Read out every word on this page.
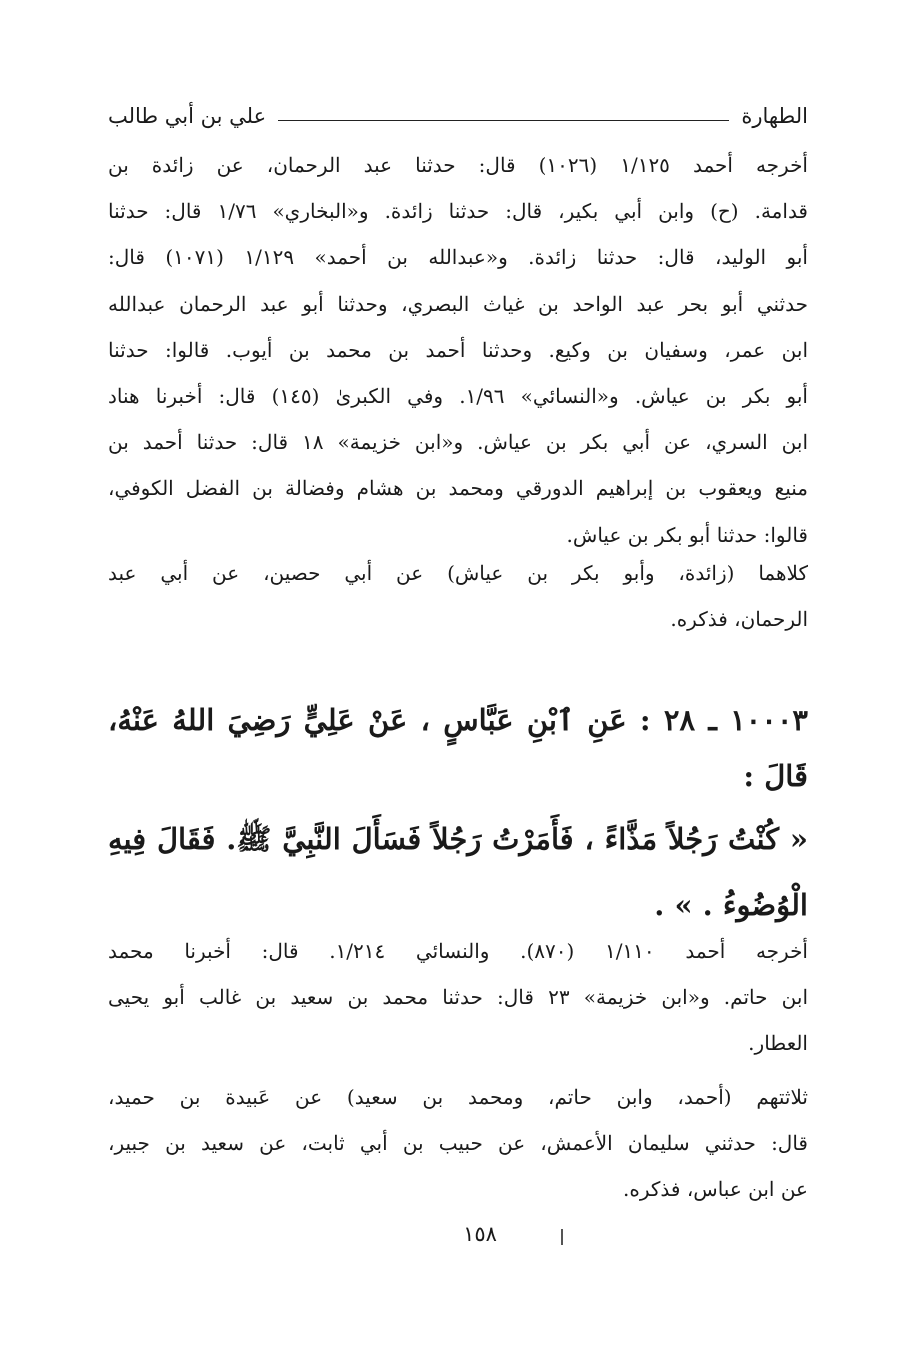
الطهارة
علي بن أبي طالب
أخرجه أحمد ١/١٢٥ (١٠٢٦) قال: حدثنا عبد الرحمان، عن زائدة بن
قدامة. (ح) وابن أبي بكير، قال: حدثنا زائدة. و«البخاري» ١/٧٦ قال: حدثنا
أبو الوليد، قال: حدثنا زائدة. و«عبدالله بن أحمد» ١/١٢٩ (١٠٧١) قال:
حدثني أبو بحر عبد الواحد بن غياث البصري، وحدثنا أبو عبد الرحمان عبدالله
ابن عمر، وسفيان بن وكيع. وحدثنا أحمد بن محمد بن أيوب. قالوا: حدثنا
أبو بكر بن عياش. و«النسائي» ١/٩٦. وفي الكبرىٰ (١٤٥) قال: أخبرنا هناد
ابن السري، عن أبي بكر بن عياش. و«ابن خزيمة» ١٨ قال: حدثنا أحمد بن
منيع ويعقوب بن إبراهيم الدورقي ومحمد بن هشام وفضالة بن الفضل الكوفي،
قالوا: حدثنا أبو بكر بن عياش.
كلاهما (زائدة، وأبو بكر بن عياش) عن أبي حصين، عن أبي عبد
الرحمان، فذكره.
١٠٠٠٣ ـ ٢٨ : عَنِ ٱبْنِ عَبَّاسٍ ، عَنْ عَلِيٍّ رَضِيَ اللهُ عَنْهُ،
قَالَ :
« كُنْتُ رَجُلاً مَذَّاءً ، فَأَمَرْتُ رَجُلاً فَسَأَلَ النَّبِيَّ ﷺ. فَقَالَ فِيهِ
الْوُضُوءُ . » .
أخرجه أحمد ١/١١٠ (٨٧٠). والنسائي ١/٢١٤. قال: أخبرنا محمد
ابن حاتم. و«ابن خزيمة» ٢٣ قال: حدثنا محمد بن سعيد بن غالب أبو يحيى
العطار.
ثلاثتهم (أحمد، وابن حاتم، ومحمد بن سعيد) عن عَبيدة بن حميد،
قال: حدثني سليمان الأعمش، عن حبيب بن أبي ثابت، عن سعيد بن جبير،
عن ابن عباس، فذكره.
١٥٨
